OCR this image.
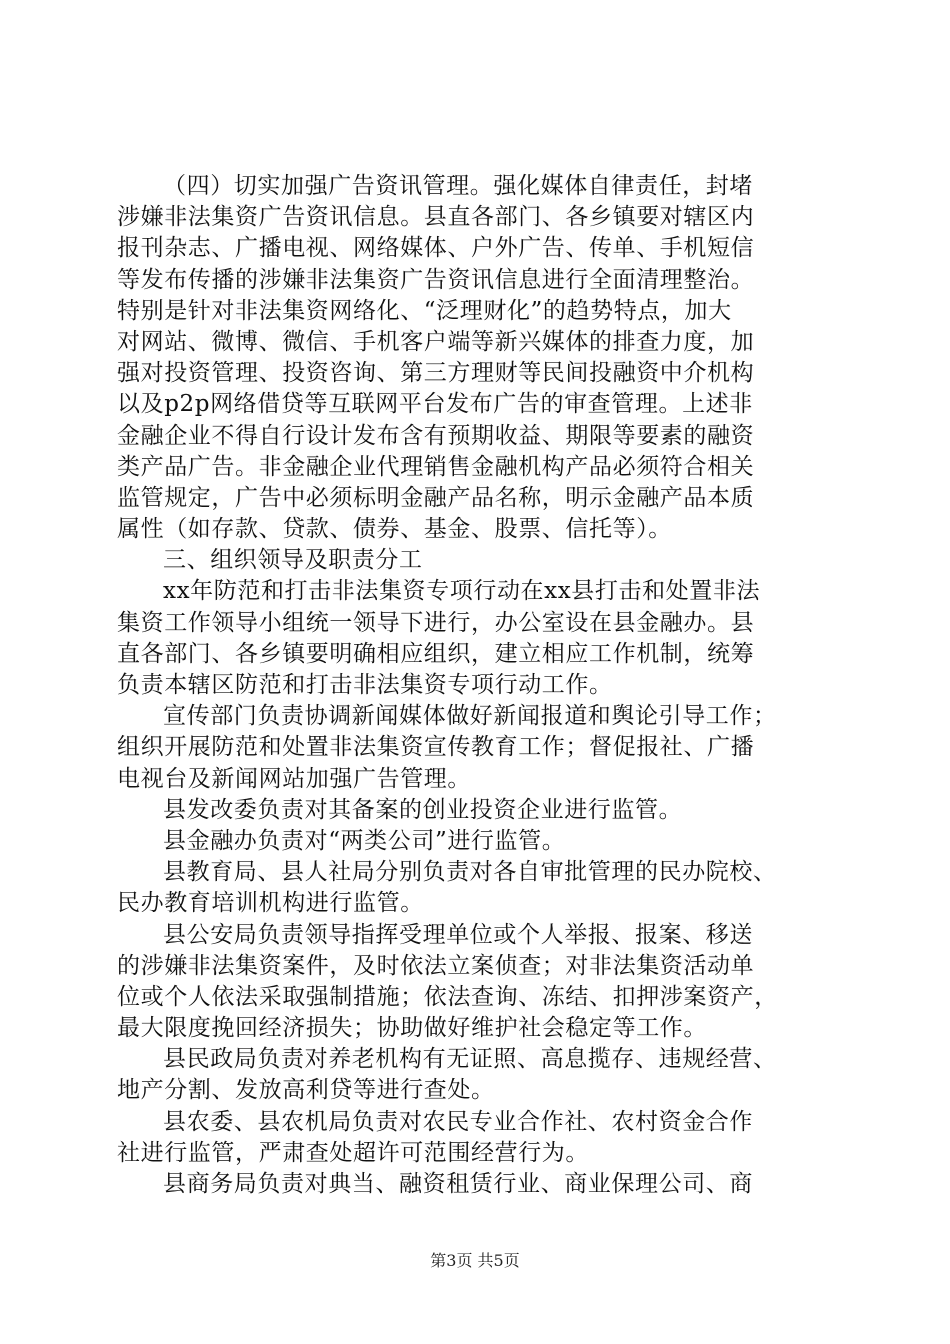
（四）切实加强广告资讯管理。强化媒体自律责任，封堵
涉嫌非法集资广告资讯信息。县直各部门、各乡镇要对辖区内
报刊杂志、广播电视、网络媒体、户外广告、传单、手机短信
等发布传播的涉嫌非法集资广告资讯信息进行全面清理整治。
特别是针对非法集资网络化、“泛理财化”的趋势特点，加大
对网站、微博、微信、手机客户端等新兴媒体的排查力度，加
强对投资管理、投资咨询、第三方理财等民间投融资中介机构
以及p2p网络借贷等互联网平台发布广告的审查管理。上述非
金融企业不得自行设计发布含有预期收益、期限等要素的融资
类产品广告。非金融企业代理销售金融机构产品必须符合相关
监管规定，广告中必须标明金融产品名称，明示金融产品本质
属性（如存款、贷款、债券、基金、股票、信托等）。
三、组织领导及职责分工
xx年防范和打击非法集资专项行动在xx县打击和处置非法
集资工作领导小组统一领导下进行，办公室设在县金融办。县
直各部门、各乡镇要明确相应组织，建立相应工作机制，统筹
负责本辖区防范和打击非法集资专项行动工作。
宣传部门负责协调新闻媒体做好新闻报道和舆论引导工作；
组织开展防范和处置非法集资宣传教育工作；督促报社、广播
电视台及新闻网站加强广告管理。
县发改委负责对其备案的创业投资企业进行监管。
县金融办负责对“两类公司”进行监管。
县教育局、县人社局分别负责对各自审批管理的民办院校、
民办教育培训机构进行监管。
县公安局负责领导指挥受理单位或个人举报、报案、移送
的涉嫌非法集资案件，及时依法立案侦查；对非法集资活动单
位或个人依法采取强制措施；依法查询、冻结、扣押涉案资产，
最大限度挽回经济损失；协助做好维护社会稳定等工作。
县民政局负责对养老机构有无证照、高息揽存、违规经营、
地产分割、发放高利贷等进行查处。
县农委、县农机局负责对农民专业合作社、农村资金合作
社进行监管，严肃查处超许可范围经营行为。
县商务局负责对典当、融资租赁行业、商业保理公司、商
第3页 共5页
